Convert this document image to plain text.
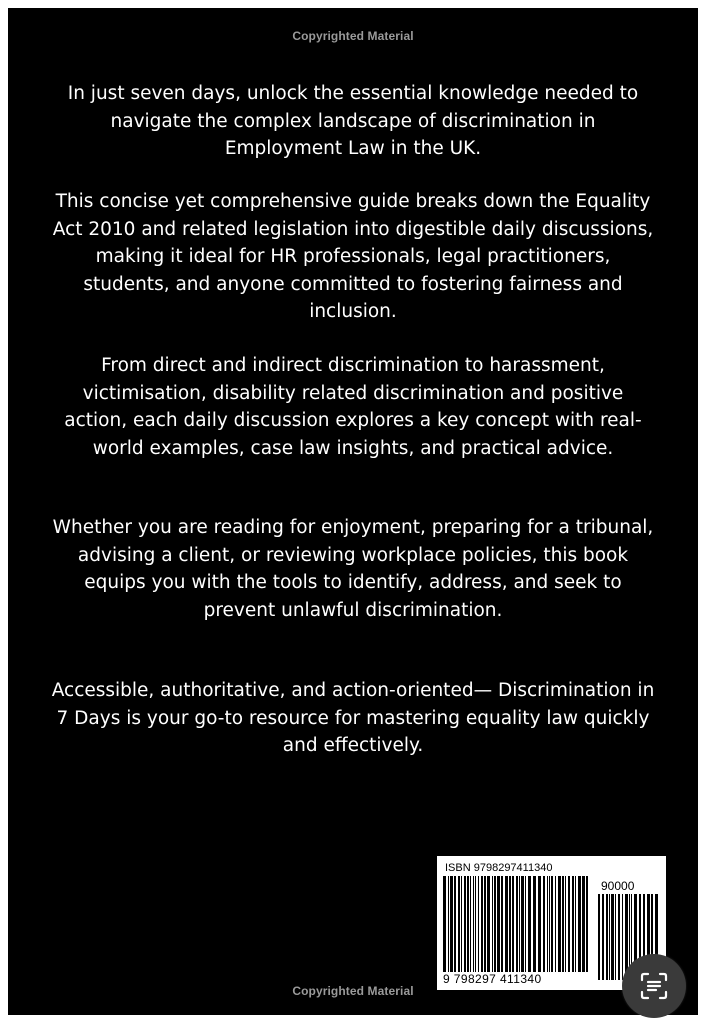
Copyrighted Material

In just seven days, unlock the essential knowledge needed to navigate the complex landscape of discrimination in Employment Law in the UK.

This concise yet comprehensive guide breaks down the Equality Act 2010 and related legislation into digestible daily discussions, making it ideal for HR professionals, legal practitioners, students, and anyone committed to fostering fairness and inclusion.

From direct and indirect discrimination to harassment, victimisation, disability related discrimination and positive action, each daily discussion explores a key concept with real-world examples, case law insights, and practical advice.

Whether you are reading for enjoyment, preparing for a tribunal, advising a client, or reviewing workplace policies, this book equips you with the tools to identify, address, and seek to prevent unlawful discrimination.

Accessible, authoritative, and action-oriented— Discrimination in 7 Days is your go-to resource for mastering equality law quickly and effectively.

ISBN 9798297411340
90000
9 798297 411340
Copyrighted Material
